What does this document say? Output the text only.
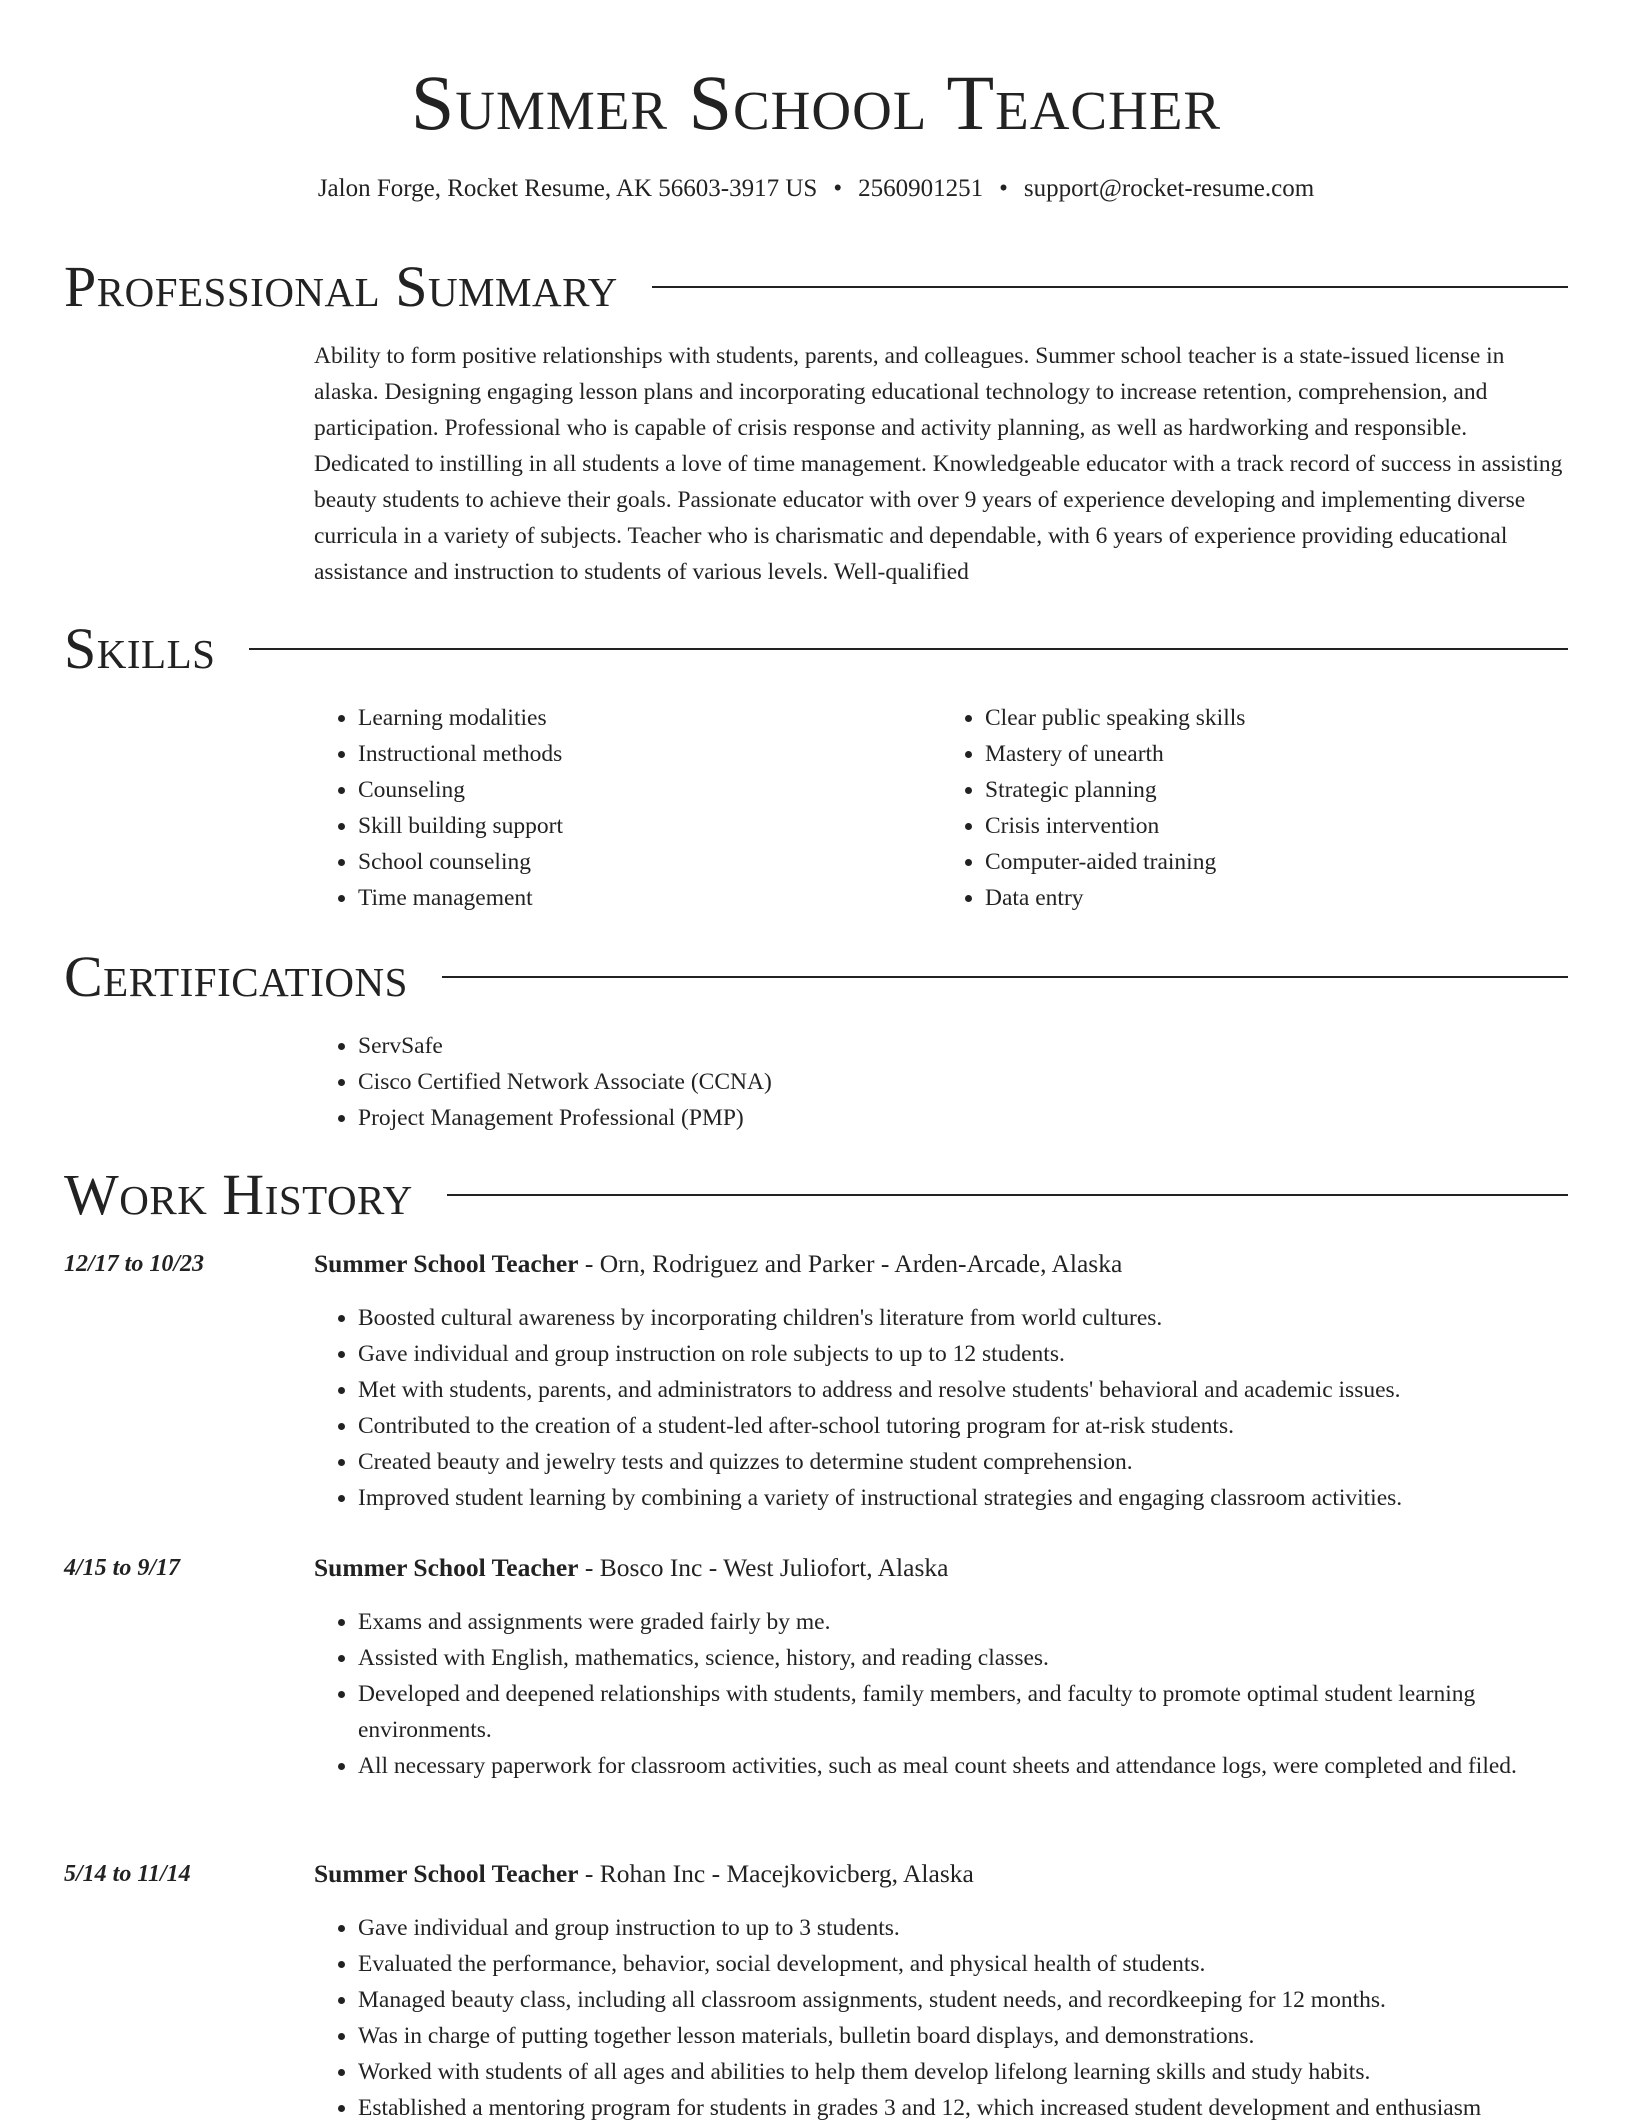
Summer School Teacher
Jalon Forge, Rocket Resume, AK 56603-3917 US • 2560901251 • support@rocket-resume.com
Professional Summary

Ability to form positive relationships with students, parents, and colleagues. Summer school teacher is a state-issued license in alaska. Designing engaging lesson plans and incorporating educational technology to increase retention, comprehension, and participation. Professional who is capable of crisis response and activity planning, as well as hardworking and responsible. Dedicated to instilling in all students a love of time management. Knowledgeable educator with a track record of success in assisting beauty students to achieve their goals. Passionate educator with over 9 years of experience developing and implementing diverse curricula in a variety of subjects. Teacher who is charismatic and dependable, with 6 years of experience providing educational assistance and instruction to students of various levels. Well-qualified

Skills
• Learning modalities
• Instructional methods
• Counseling
• Skill building support
• School counseling
• Time management
• Clear public speaking skills
• Mastery of unearth
• Strategic planning
• Crisis intervention
• Computer-aided training
• Data entry
Certifications
• ServSafe
• Cisco Certified Network Associate (CCNA)
• Project Management Professional (PMP)
Work History
12/17 to 10/23	Summer School Teacher - Orn, Rodriguez and Parker - Arden-Arcade, Alaska
• Boosted cultural awareness by incorporating children's literature from world cultures.
• Gave individual and group instruction on role subjects to up to 12 students.
• Met with students, parents, and administrators to address and resolve students' behavioral and academic issues.
• Contributed to the creation of a student-led after-school tutoring program for at-risk students.
• Created beauty and jewelry tests and quizzes to determine student comprehension.
• Improved student learning by combining a variety of instructional strategies and engaging classroom activities.
4/15 to 9/17	Summer School Teacher - Bosco Inc - West Juliofort, Alaska
• Exams and assignments were graded fairly by me.
• Assisted with English, mathematics, science, history, and reading classes.
• Developed and deepened relationships with students, family members, and faculty to promote optimal student learning environments.
• All necessary paperwork for classroom activities, such as meal count sheets and attendance logs, were completed and filed.
5/14 to 11/14	Summer School Teacher - Rohan Inc - Macejkovicberg, Alaska
• Gave individual and group instruction to up to 3 students.
• Evaluated the performance, behavior, social development, and physical health of students.
• Managed beauty class, including all classroom assignments, student needs, and recordkeeping for 12 months.
• Was in charge of putting together lesson materials, bulletin board displays, and demonstrations.
• Worked with students of all ages and abilities to help them develop lifelong learning skills and study habits.
• Established a mentoring program for students in grades 3 and 12, which increased student development and enthusiasm
